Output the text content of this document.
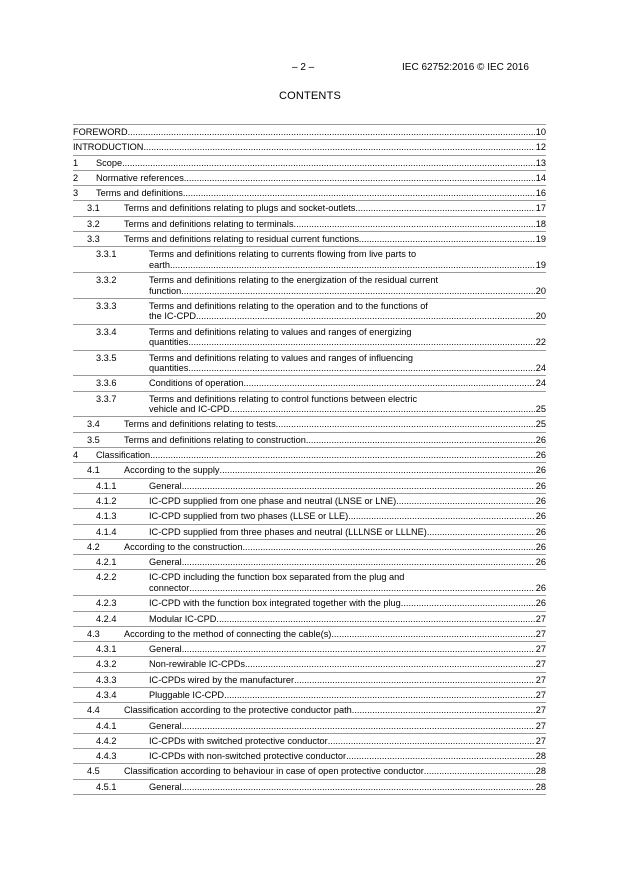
– 2 –	IEC 62752:2016 © IEC 2016
CONTENTS
FOREWORD .....	10
INTRODUCTION .....	12
1 Scope .....	13
2 Normative references .....	14
3 Terms and definitions .....	16
3.1	Terms and definitions relating to plugs and socket-outlets .....	17
3.2	Terms and definitions relating to terminals .....	18
3.3	Terms and definitions relating to residual current functions .....	19
3.3.1	Terms and definitions relating to currents flowing from live parts to
earth .....	19
3.3.2	Terms and definitions relating to the energization of the residual current
function .....	20
3.3.3	Terms and definitions relating to the operation and to the functions of
the IC-CPD .....	20
3.3.4	Terms and definitions relating to values and ranges of energizing
quantities .....	22
3.3.5	Terms and definitions relating to values and ranges of influencing
quantities .....	24
3.3.6	Conditions of operation .....	24
3.3.7	Terms and definitions relating to control functions between electric
vehicle and IC-CPD .....	25
3.4	Terms and definitions relating to tests .....	25
3.5	Terms and definitions relating to construction .....	26
4 Classification .....	26
4.1	According to the supply .....	26
4.1.1	General .....	26
4.1.2	IC-CPD supplied from one phase and neutral (LNSE or LNE) .....	26
4.1.3	IC-CPD supplied from two phases (LLSE or LLE) .....	26
4.1.4	IC-CPD supplied from three phases and neutral (LLLNSE or LLLNE) .....	26
4.2	According to the construction .....	26
4.2.1	General .....	26
4.2.2	IC-CPD including the function box separated from the plug and
connector .....	26
4.2.3	IC-CPD with the function box integrated together with the plug .....	26
4.2.4	Modular IC-CPD .....	27
4.3	According to the method of connecting the cable(s) .....	27
4.3.1	General .....	27
4.3.2	Non-rewirable IC-CPDs .....	27
4.3.3	IC-CPDs wired by the manufacturer .....	27
4.3.4	Pluggable IC-CPD .....	27
4.4	Classification according to the protective conductor path .....	27
4.4.1	General .....	27
4.4.2	IC-CPDs with switched protective conductor .....	27
4.4.3	IC-CPDs with non-switched protective conductor .....	28
4.5	Classification according to behaviour in case of open protective conductor .....	28
4.5.1	General .....	28
